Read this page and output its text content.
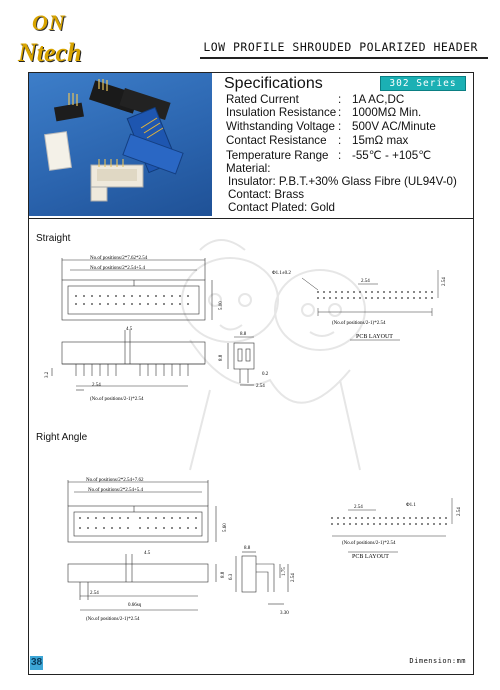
ON
Ntech	LOW PROFILE SHROUDED POLARIZED HEADER
Specifications	302 Series
Rated Current	: 1A AC,DC
Insulation Resistance : 1000MΩ Min.
Withstanding Voltage : 500V AC/Minute
Contact Resistance : 15mΩ max
Temperature Range : -55℃ - +105℃
Material:
Insulator: P.B.T.+30% Glass Fibre (UL94V-0)
Contact: Brass
Contact Plated: Gold
Straight
Right Angle
No.of positions/2*7.62*2.54
No.of positions/2*2.54+5.4
5.00
4.5
3.2
2.54
(No.of positions/2-1)*2.54
8.8
8.8
0.2
2.54
Φ1.1±0.2
2.54	2.54
(No.of positions/2-1)*2.54
PCB LAYOUT
No.of positions/2*2.54+7.62
No.of positions/2*2.54+5.4
5.60
4.5
8.8
2.54
0.66sq
(No.of positions/2-1)*2.54
8.8
6.3
1.75
2.54
3.30
2.54	Φ1.1
2.54
(No.of positions/2-1)*2.54
PCB LAYOUT
Dimension:mm
38
